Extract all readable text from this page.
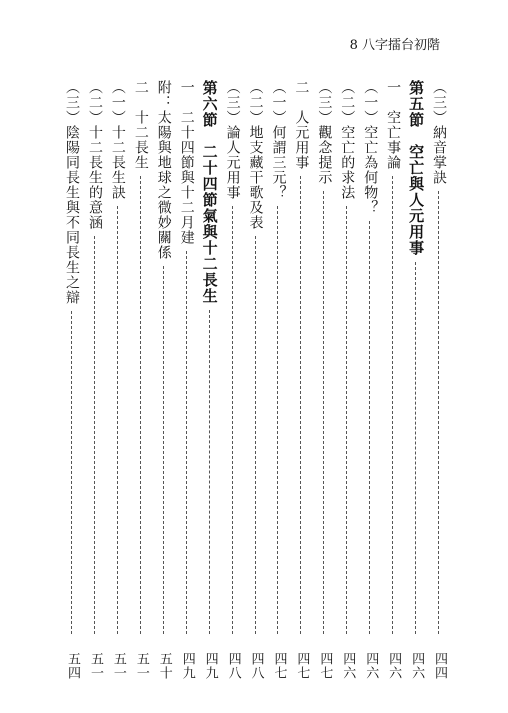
8 八字擂台初階
（三）納音掌訣
四四
第五節　空亡與人元用事
四六
一　空亡事論
四六
（一）空亡為何物？
四六
（二）空亡的求法
四六
（三）觀念提示
四七
二　人元用事
四七
（一）何謂三元？
四七
（二）地支藏干歌及表
四八
（三）論人元用事
四八
第六節　二十四節氣與十二長生
四九
一　二十四節與十二月建
四九
附：太陽與地球之微妙關係
五十
二　十二長生
五一
（一）十二長生訣
五一
（二）十二長生的意涵
五一
（三）陰陽同長生與不同長生之辯
五四
